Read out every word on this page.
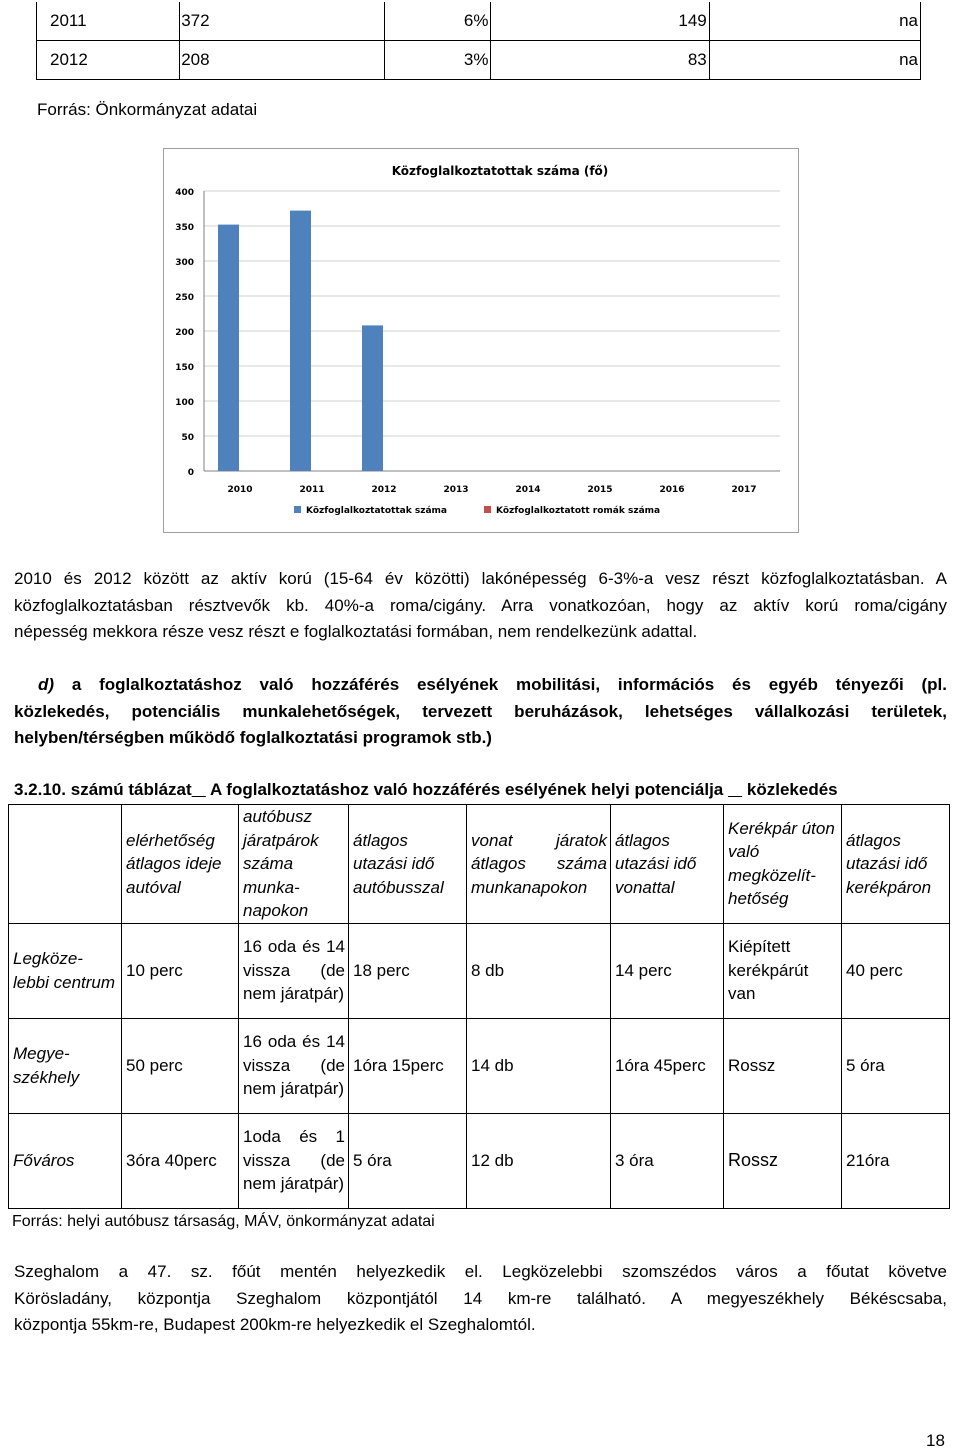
2011	372	6%	149	na
2012	208	3%	83	na
Forrás: Önkormányzat adatai
Közfoglalkoztatottak száma (fő)
0
50
100
150
200
250
300
350
400
2010	2011	2012	2013	2014	2015	2016	2017
Közfoglalkoztatottak száma	Közfoglalkoztatott romák száma
2010 és 2012 között az aktív korú (15-64 év közötti) lakónépesség 6-3%-a vesz részt közfoglalkoztatásban. A
közfoglalkoztatásban résztvevők kb. 40%-a roma/cigány. Arra vonatkozóan, hogy az aktív korú roma/cigány
népesség mekkora része vesz részt e foglalkoztatási formában, nem rendelkezünk adattal.
d) a foglalkoztatáshoz való hozzáférés esélyének mobilitási, információs és egyéb tényezői (pl.
közlekedés, potenciális munkalehetőségek, tervezett beruházások, lehetséges vállalkozási területek,
helyben/térségben működő foglalkoztatási programok stb.)
3.2.10. számú táblázat A foglalkoztatáshoz való hozzáférés esélyének helyi potenciálja közlekedés
	elérhetőség átlagos ideje autóval	autóbusz járatpárok száma munka-napokon	átlagos utazási idő autóbusszal	vonat járatok átlagos száma munkanapokon	átlagos utazási idő vonattal	Kerékpár úton való megközelít-hetőség	átlagos utazási idő kerékpáron
Legköze-lebbi centrum	10 perc	16 oda és 14 vissza (de nem járatpár)	18 perc	8 db	14 perc	Kiépített kerékpárút van	40 perc
Megye-székhely	50 perc	16 oda és 14 vissza (de nem járatpár)	1óra 15perc	14 db	1óra 45perc	Rossz	5 óra
Főváros	3óra 40perc	1oda és 1 vissza (de nem járatpár)	5 óra	12 db	3 óra	Rossz	21óra
Forrás: helyi autóbusz társaság, MÁV, önkormányzat adatai
Szeghalom a 47. sz. főút mentén helyezkedik el. Legközelebbi szomszédos város a főutat követve
Körösladány, központja Szeghalom központjától 14 km-re található. A megyeszékhely Békéscsaba,
központja 55km-re, Budapest 200km-re helyezkedik el Szeghalomtól.
18
